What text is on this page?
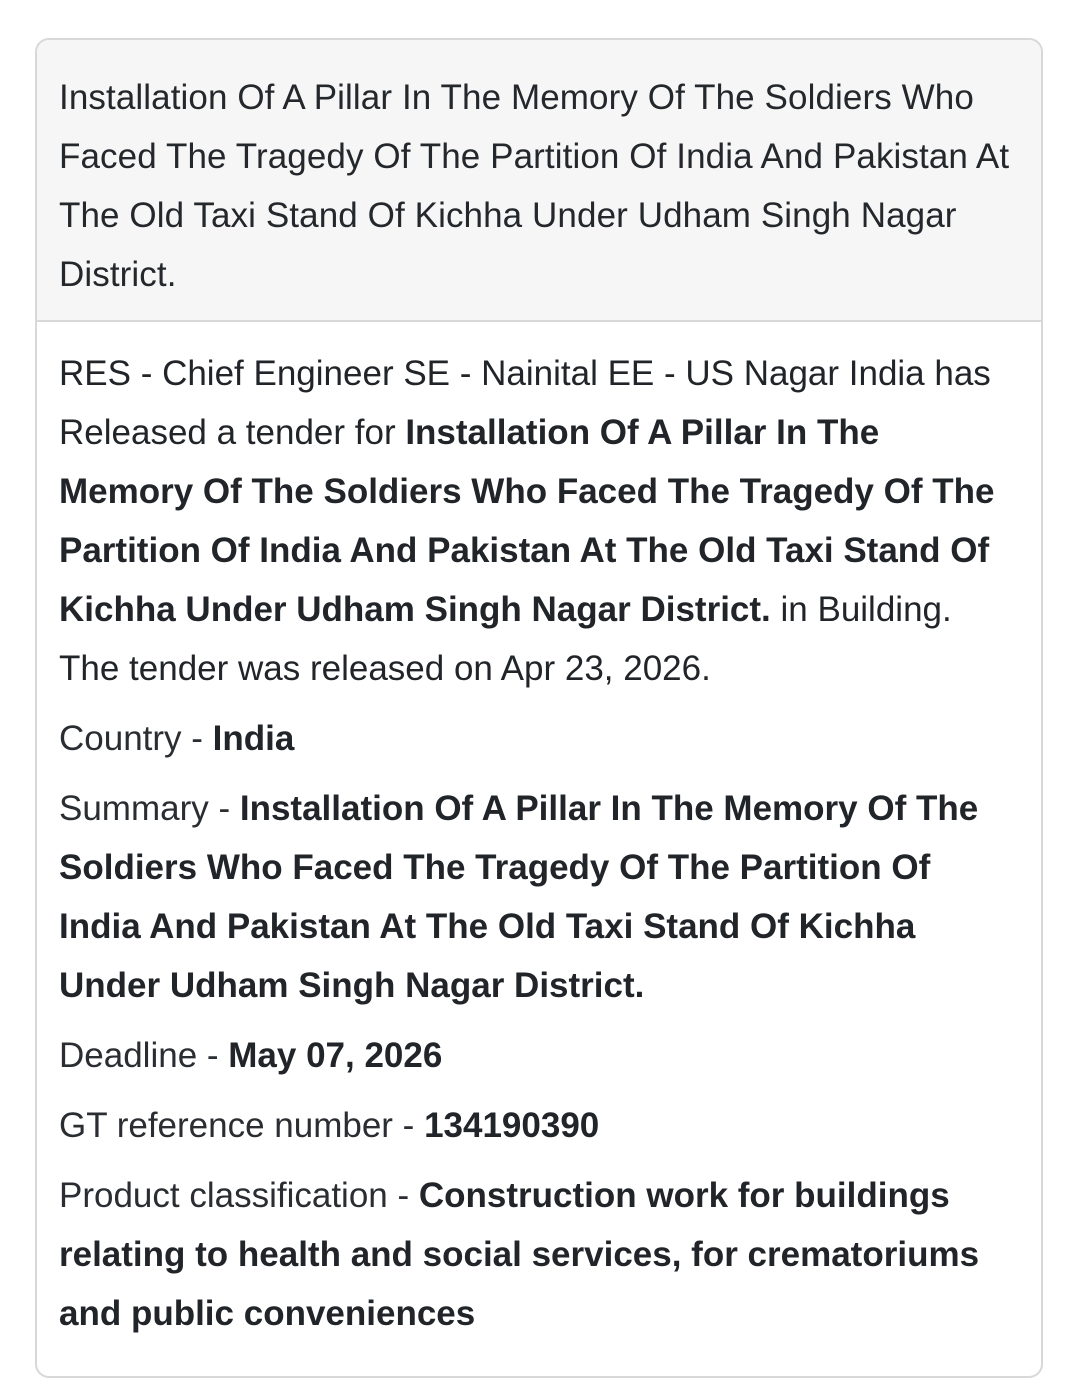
Installation Of A Pillar In The Memory Of The Soldiers Who Faced The Tragedy Of The Partition Of India And Pakistan At The Old Taxi Stand Of Kichha Under Udham Singh Nagar District.

RES - Chief Engineer SE - Nainital EE - US Nagar India has Released a tender for Installation Of A Pillar In The Memory Of The Soldiers Who Faced The Tragedy Of The Partition Of India And Pakistan At The Old Taxi Stand Of Kichha Under Udham Singh Nagar District. in Building. The tender was released on Apr 23, 2026.

Country - India

Summary - Installation Of A Pillar In The Memory Of The Soldiers Who Faced The Tragedy Of The Partition Of India And Pakistan At The Old Taxi Stand Of Kichha Under Udham Singh Nagar District.

Deadline - May 07, 2026

GT reference number - 134190390

Product classification - Construction work for buildings relating to health and social services, for crematoriums and public conveniences
